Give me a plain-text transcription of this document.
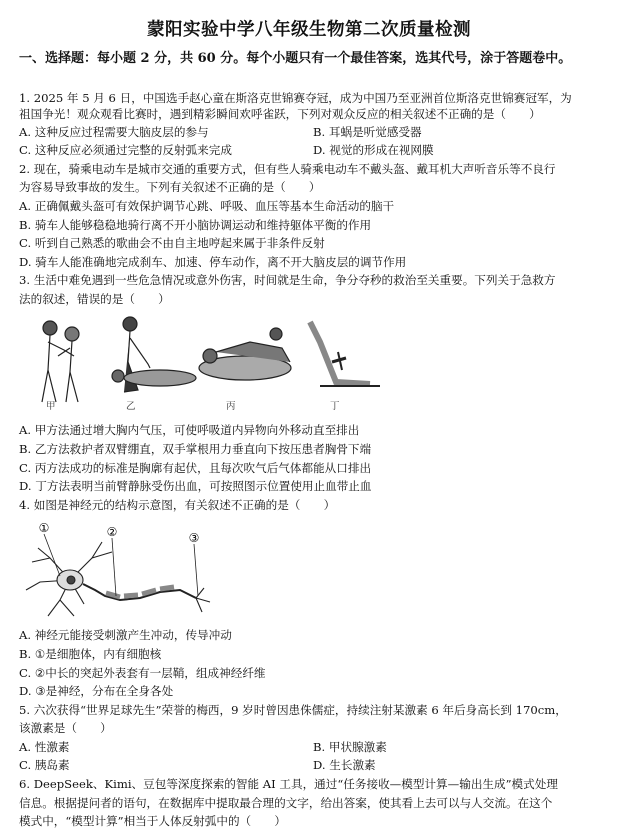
蒙阳实验中学八年级生物第二次质量检测
一、选择题：每小题 2 分，共 60 分。每个小题只有一个最佳答案，选其代号，涂于答题卷中。
1. 2025 年 5 月 6 日，中国选手赵心童在斯洛克世锦赛夺冠，成为中国乃至亚洲首位斯洛克世锦赛冠军，为
祖国争光！观众观看比赛时，遇到精彩瞬间欢呼雀跃，下列对观众反应的相关叙述不正确的是（　　）
A. 这种反应过程需要大脑皮层的参与	B. 耳蜗是听觉感受器
C. 这种反应必须通过完整的反射弧来完成	D. 视觉的形成在视网膜
2. 现在，骑乘电动车是城市交通的重要方式，但有些人骑乘电动车不戴头盔、戴耳机大声听音乐等不良行
为容易导致事故的发生。下列有关叙述不正确的是（　　）
A. 正确佩戴头盔可有效保护调节心跳、呼吸、血压等基本生命活动的脑干
B. 骑车人能够稳稳地骑行离不开小脑协调运动和维持躯体平衡的作用
C. 听到自己熟悉的歌曲会不由自主地哼起来属于非条件反射
D. 骑车人能准确地完成刹车、加速、停车动作，离不开大脑皮层的调节作用
3. 生活中难免遇到一些危急情况或意外伤害，时间就是生命，争分夺秒的救治至关重要。下列关于急救方
法的叙述，错误的是（　　）
甲	乙	丙	丁
A. 甲方法通过增大胸内气压，可使呼吸道内异物向外移动直至排出
B. 乙方法救护者双臂绷直，双手掌根用力垂直向下按压患者胸骨下端
C. 丙方法成功的标准是胸廓有起伏，且每次吹气后气体都能从口排出
D. 丁方法表明当前臂静脉受伤出血，可按照图示位置使用止血带止血
4. 如图是神经元的结构示意图，有关叙述不正确的是（　　）
①	②	③
A. 神经元能接受刺激产生冲动，传导冲动
B. ①是细胞体，内有细胞核
C. ②中长的突起外表套有一层鞘，组成神经纤维
D. ③是神经，分布在全身各处
5. 六次获得“世界足球先生”荣誉的梅西，9 岁时曾因患侏儒症，持续注射某激素 6 年后身高长到 170cm，
该激素是（　　）
A. 性激素	B. 甲状腺激素
C. 胰岛素	D. 生长激素
6. DeepSeek、Kimi、豆包等深度探索的智能 AI 工具，通过“任务接收—模型计算—输出生成”模式处理
信息。根据提问者的语句，在数据库中提取最合理的文字，给出答案，使其看上去可以与人交流。在这个
模式中，“模型计算”相当于人体反射弧中的（　　）
